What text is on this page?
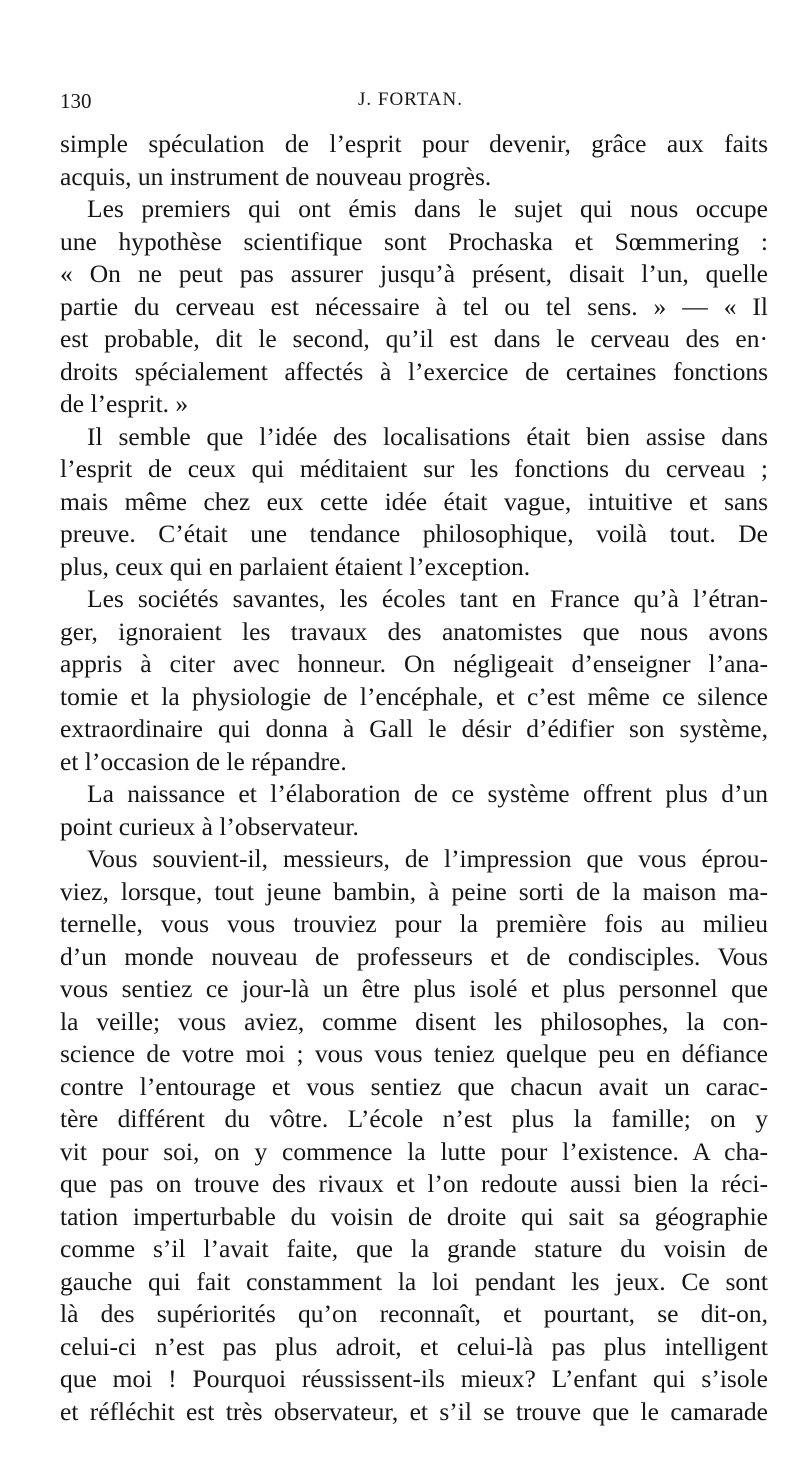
130	J. FORTAN.
simple spéculation de l’esprit pour devenir, grâce aux faits
acquis, un instrument de nouveau progrès.
Les premiers qui ont émis dans le sujet qui nous occupe
une hypothèse scientifique sont Prochaska et Sœmmering :
« On ne peut pas assurer jusqu’à présent, disait l’un, quelle
partie du cerveau est nécessaire à tel ou tel sens. » — « Il
est probable, dit le second, qu’il est dans le cerveau des en·
droits spécialement affectés à l’exercice de certaines fonctions
de l’esprit. »
Il semble que l’idée des localisations était bien assise dans
l’esprit de ceux qui méditaient sur les fonctions du cerveau ;
mais même chez eux cette idée était vague, intuitive et sans
preuve. C’était une tendance philosophique, voilà tout. De
plus, ceux qui en parlaient étaient l’exception.
Les sociétés savantes, les écoles tant en France qu’à l’étran-
ger, ignoraient les travaux des anatomistes que nous avons
appris à citer avec honneur. On négligeait d’enseigner l’ana-
tomie et la physiologie de l’encéphale, et c’est même ce silence
extraordinaire qui donna à Gall le désir d’édifier son système,
et l’occasion de le répandre.
La naissance et l’élaboration de ce système offrent plus d’un
point curieux à l’observateur.
Vous souvient-il, messieurs, de l’impression que vous éprou-
viez, lorsque, tout jeune bambin, à peine sorti de la maison ma-
ternelle, vous vous trouviez pour la première fois au milieu
d’un monde nouveau de professeurs et de condisciples. Vous
vous sentiez ce jour-là un être plus isolé et plus personnel que
la veille; vous aviez, comme disent les philosophes, la con-
science de votre moi ; vous vous teniez quelque peu en défiance
contre l’entourage et vous sentiez que chacun avait un carac-
tère différent du vôtre. L’école n’est plus la famille; on y
vit pour soi, on y commence la lutte pour l’existence. A cha-
que pas on trouve des rivaux et l’on redoute aussi bien la réci-
tation imperturbable du voisin de droite qui sait sa géographie
comme s’il l’avait faite, que la grande stature du voisin de
gauche qui fait constamment la loi pendant les jeux. Ce sont
là des supériorités qu’on reconnaît, et pourtant, se dit-on,
celui-ci n’est pas plus adroit, et celui-là pas plus intelligent
que moi ! Pourquoi réussissent-ils mieux? L’enfant qui s’isole
et réfléchit est très observateur, et s’il se trouve que le camarade
